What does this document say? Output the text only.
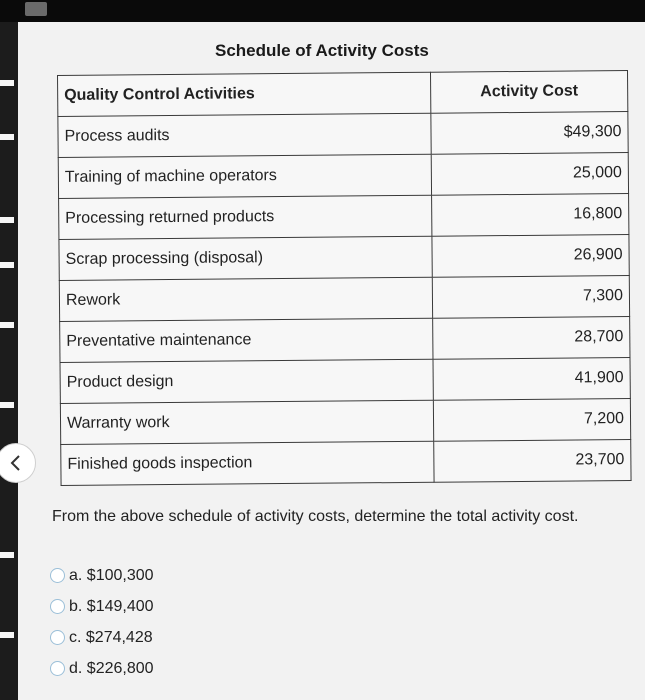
Schedule of Activity Costs
Quality Control Activities	Activity Cost
Process audits	$49,300
Training of machine operators	25,000
Processing returned products	16,800
Scrap processing (disposal)	26,900
Rework	7,300
Preventative maintenance	28,700
Product design	41,900
Warranty work	7,200
Finished goods inspection	23,700
From the above schedule of activity costs, determine the total activity cost.
a. $100,300
b. $149,400
c. $274,428
d. $226,800
